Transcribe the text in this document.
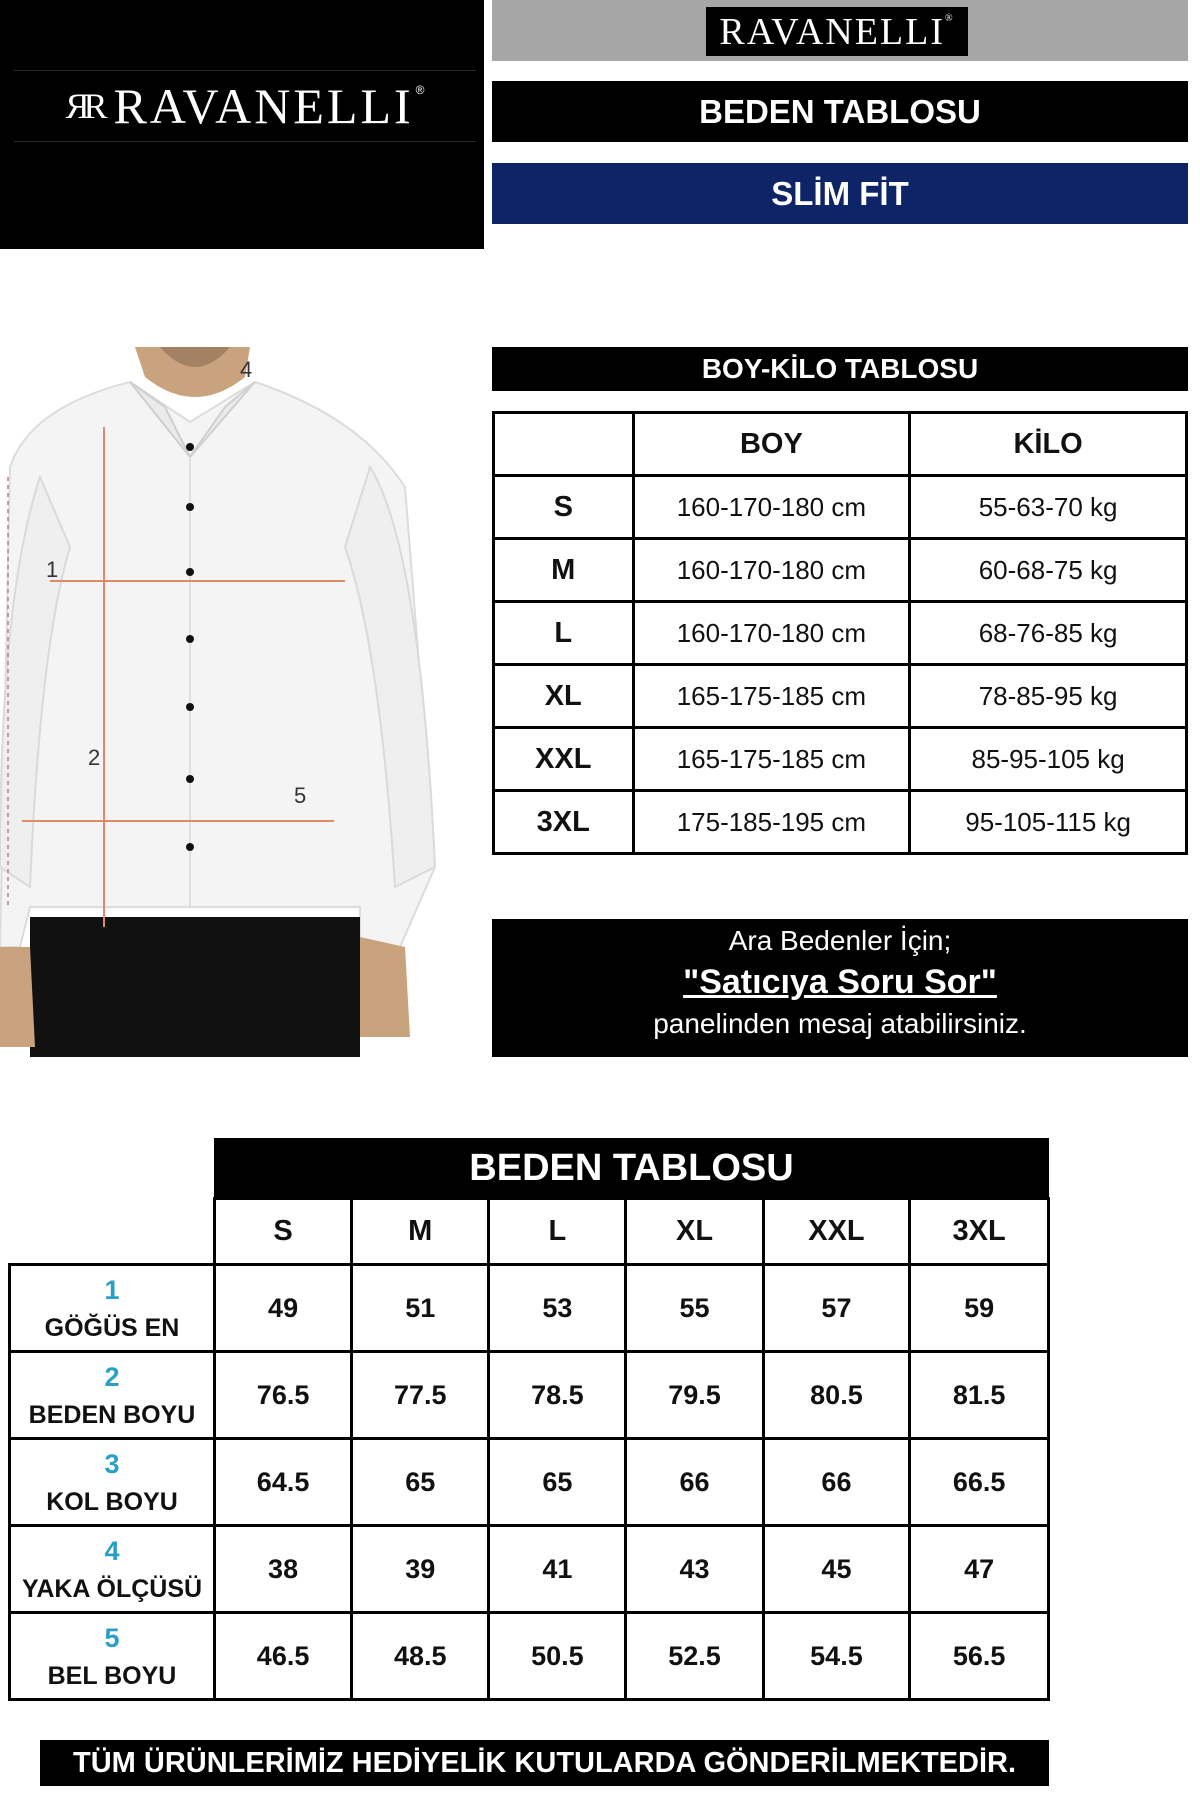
ЯR RAVANELLI ®
RAVANELLI®
BEDEN TABLOSU
SLİM FİT
1
2
4
5
BOY-KİLO TABLOSU
	BOY	KİLO
S	160-170-180 cm	55-63-70 kg
M	160-170-180 cm	60-68-75 kg
L	160-170-180 cm	68-76-85 kg
XL	165-175-185 cm	78-85-95 kg
XXL	165-175-185 cm	85-95-105 kg
3XL	175-185-195 cm	95-105-115 kg
Ara Bedenler İçin;
"Satıcıya Soru Sor"
panelinden mesaj atabilirsiniz.
BEDEN TABLOSU
	S	M	L	XL	XXL	3XL

1
GÖĞÜS EN	49	51	53	55	57	59

2
BEDEN BOYU	76.5	77.5	78.5	79.5	80.5	81.5

3
KOL BOYU	64.5	65	65	66	66	66.5

4
YAKA ÖLÇÜSÜ	38	39	41	43	45	47

5
BEL BOYU	46.5	48.5	50.5	52.5	54.5	56.5
TÜM ÜRÜNLERİMİZ HEDİYELİK KUTULARDA GÖNDERİLMEKTEDİR.
